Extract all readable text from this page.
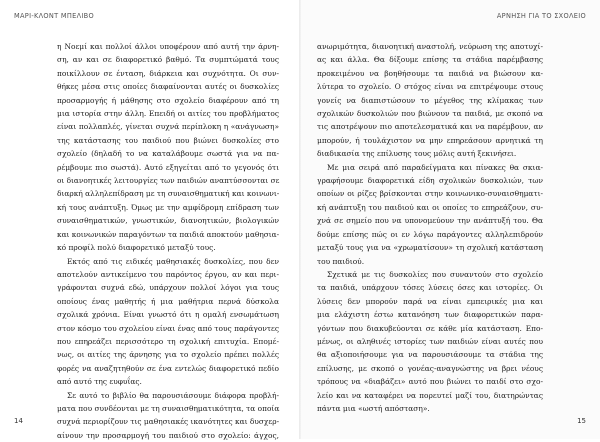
ΜΑΡΙ-ΚΛΟΝΤ ΜΠΕΛΙΒΟ
η Νοεμί και πολλοί άλλοι υποφέρουν από αυτή την άρνη-
ση, αν και σε διαφορετικό βαθμό. Τα συμπτώματά τους
ποικίλλουν σε ένταση, διάρκεια και συχνότητα. Οι συν-
θήκες μέσα στις οποίες διαφαίνονται αυτές οι δυσκολίες
προσαρμογής ή μάθησης στο σχολείο διαφέρουν από τη
μια ιστορία στην άλλη. Επειδή οι αιτίες του προβλήματος
είναι πολλαπλές, γίνεται συχνά περίπλοκη η «ανάγνωση»
της κατάστασης του παιδιού που βιώνει δυσκολίες στο
σχολείο (δηλαδή το να καταλάβουμε σωστά για να πα-
ρέμβουμε πιο σωστά). Αυτό εξηγείται από το γεγονός ότι
οι διανοητικές λειτουργίες των παιδιών αναπτύσσονται σε
διαρκή αλληλεπίδραση με τη συναισθηματική και κοινωνι-
κή τους ανάπτυξη. Όμως με την αμφίδρομη επίδραση των
συναισθηματικών, γνωστικών, διανοητικών, βιολογικών
και κοινωνικών παραγόντων τα παιδιά αποκτούν μαθησια-
κό προφίλ πολύ διαφορετικό μεταξύ τους.
Εκτός από τις ειδικές μαθησιακές δυσκολίες, που δεν
αποτελούν αντικείμενο του παρόντος έργου, αν και περι-
γράφονται συχνά εδώ, υπάρχουν πολλοί λόγοι για τους
οποίους ένας μαθητής ή μια μαθήτρια περνά δύσκολα
σχολικά χρόνια. Είναι γνωστό ότι η ομαλή ενσωμάτωση
στον κόσμο του σχολείου είναι ένας από τους παράγοντες
που επηρεάζει περισσότερο τη σχολική επιτυχία. Επομέ-
νως, οι αιτίες της άρνησης για το σχολείο πρέπει πολλές
φορές να αναζητηθούν σε ένα εντελώς διαφορετικό πεδίο
από αυτό της ευφυΐας.
Σε αυτό το βιβλίο θα παρουσιάσουμε διάφορα προβλή-
ματα που συνδέονται με τη συναισθηματικότητα, τα οποία
συχνά περιορίζουν τις μαθησιακές ικανότητες και δυσχερ-
αίνουν την προσαρμογή του παιδιού στο σχολείο: άγχος,
14
ΑΡΝΗΣΗ ΓΙΑ ΤΟ ΣΧΟΛΕΙΟ
ανωριμότητα, διανοητική αναστολή, νεύρωση της αποτυχί-
ας και άλλα. Θα δίξουμε επίσης τα στάδια παρέμβασης
προκειμένου να βοηθήσουμε τα παιδιά να βιώσουν κα-
λύτερα το σχολείο. Ο στόχος είναι να επιτρέψουμε στους
γονείς να διαπιστώσουν το μέγεθος της κλίμακας των
σχολικών δυσκολιών που βιώνουν τα παιδιά, με σκοπό να
τις αποτρέψουν πιο αποτελεσματικά και να παρέμβουν, αν
μπορούν, ή τουλάχιστον να μην επηρεάσουν αρνητικά τη
διαδικασία της επίλυσης τους μόλις αυτή ξεκινήσει.
Με μια σειρά από παραδείγματα και πίνακες θα σκια-
γραφήσουμε διαφορετικά είδη σχολικών δυσκολιών, των
οποίων οι ρίζες βρίσκονται στην κοινωνικο-συναισθηματι-
κή ανάπτυξη του παιδιού και οι οποίες το επηρεάζουν, συ-
χνά σε σημείο που να υπονομεύουν την ανάπτυξή του. Θα
δούμε επίσης πώς οι εν λόγω παράγοντες αλληλεπιδρούν
μεταξύ τους για να «χρωματίσουν» τη σχολική κατάσταση
του παιδιού.
Σχετικά με τις δυσκολίες που συναντούν στο σχολείο
τα παιδιά, υπάρχουν τόσες λύσεις όσες και ιστορίες. Οι
λύσεις δεν μπορούν παρά να είναι εμπειρικές μια και
μια ελάχιστη έστω κατανόηση των διαφορετικών παρα-
γόντων που διακυβεύονται σε κάθε μία κατάσταση. Επο-
μένως, οι αληθινές ιστορίες των παιδιών είναι αυτές που
θα αξιοποιήσουμε για να παρουσιάσουμε τα στάδια της
επίλυσης, με σκοπό ο γονέας-αναγνώστης να βρει νέους
τρόπους να «διαβάζει» αυτό που βιώνει το παιδί στο σχο-
λείο και να καταφέρει να πορευτεί μαζί του, διατηρώντας
πάντα μια «ωστή απόσταση».
15
